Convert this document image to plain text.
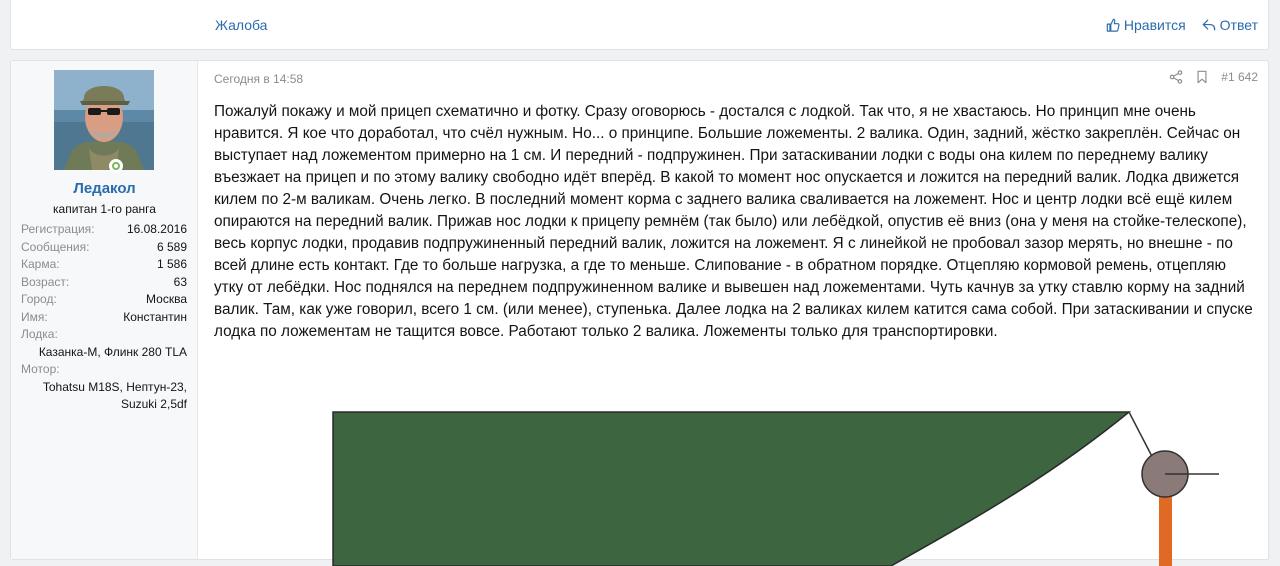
Жалоба	Нравится Ответ
Ледакол
капитан 1-го ранга
Регистрация:	16.08.2016
Сообщения:	6 589
Карма:	1 586
Возраст:	63
Город:	Москва
Имя:	Константин
Лодка:
Казанка-М, Флинк 280 TLA
Мотор:
Tohatsu M18S, Нептун-23,
Suzuki 2,5df
Сегодня в 14:58	#1 642
Пожалуй покажу и мой прицеп схематично и фотку. Сразу оговорюсь - достался с лодкой. Так что, я не хвастаюсь. Но принцип мне очень нравится. Я кое что доработал, что счёл нужным. Но... о принципе. Большие ложементы. 2 валика. Один, задний, жёстко закреплён. Сейчас он выступает над ложементом примерно на 1 см. И передний - подпружинен. При затаскивании лодки с воды она килем по переднему валику въезжает на прицеп и по этому валику свободно идёт вперёд. В какой то момент нос опускается и ложится на передний валик. Лодка движется килем по 2-м валикам. Очень легко. В последний момент корма с заднего валика сваливается на ложемент. Нос и центр лодки всё ещё килем опираются на передний валик. Прижав нос лодки к прицепу ремнём (так было) или лебёдкой, опустив её вниз (она у меня на стойке-телескопе), весь корпус лодки, продавив подпружиненный передний валик, ложится на ложемент. Я с линейкой не пробовал зазор мерять, но внешне - по всей длине есть контакт. Где то больше нагрузка, а где то меньше. Слипование - в обратном порядке. Отцепляю кормовой ремень, отцепляю утку от лебёдки. Нос поднялся на переднем подпружиненном валике и вывешен над ложементами. Чуть качнув за утку ставлю корму на задний валик. Там, как уже говорил, всего 1 см. (или менее), ступенька. Далее лодка на 2 валиках килем катится сама собой. При затаскивании и спуске лодка по ложементам не тащится вовсе. Работают только 2 валика. Ложементы только для транспортировки.
